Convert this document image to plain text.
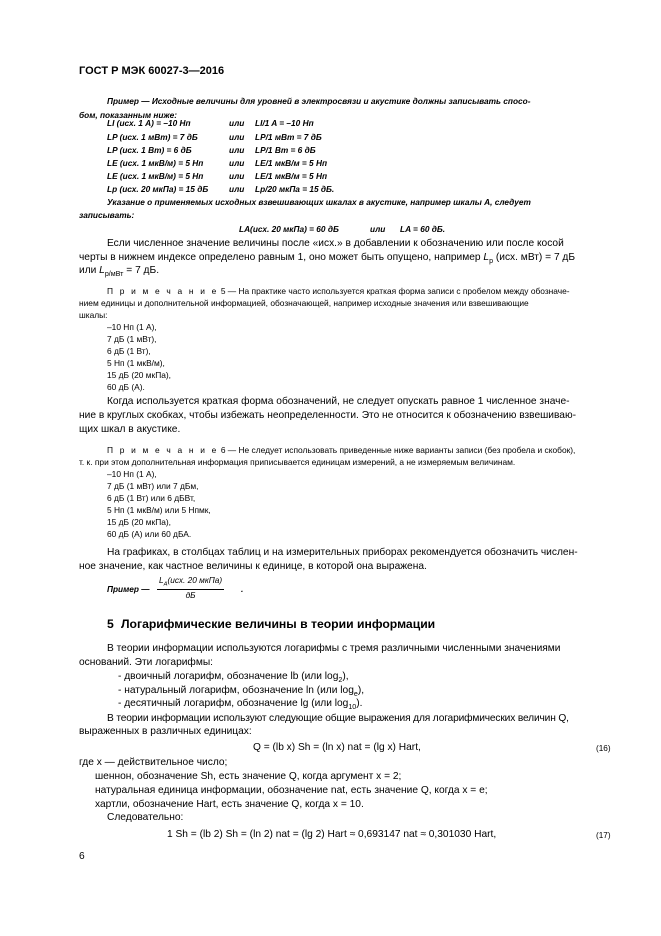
ГОСТ Р МЭК 60027-3—2016
Пример — Исходные величины для уровней в электросвязи и акустике должны записывать спосо-
бом, показанным ниже:
LI (исх. 1 А) = –10 Нп	или LI/1 A = –10 Нп
LP (исх. 1 мВт) = 7 дБ	или LP/1 мВт = 7 дБ
LP (исх. 1 Вт) = 6 дБ	или LP/1 Вт = 6 дБ
LE (исх. 1 мкВ/м) = 5 Нп	или LE/1 мкВ/м = 5 Нп
LE (исх. 1 мкВ/м) = 5 Нп	или LE/1 мкВ/м = 5 Нп
Lp (исх. 20 мкПа) = 15 дБ	или Lp/20 мкПа = 15 дБ.
Указание о применяемых исходных взвешивающих шкалах в акустике, например шкалы А, следует
записывать:
LA(исх. 20 мкПа) = 60 дБ	или LA = 60 дБ.
Если численное значение величины после «исх.» в добавлении к обозначению или после косой
черты в нижнем индексе определено равным 1, оно может быть опущено, например $L_p$ (исх. мВт) = 7 дБ
или $L_{р/мВт} = 7$ дБ.
П р и м е ч а н и е 5 — На практике часто используется краткая форма записи с пробелом между обозначе-
нием единицы и дополнительной информацией, обозначающей, например исходные значения или взвешивающие
шкалы:
–10 Нп (1 А),
7 дБ (1 мВт),
6 дБ (1 Вт),
5 Нп (1 мкВ/м),
15 дБ (20 мкПа),
60 дБ (А).
Когда используется краткая форма обозначений, не следует опускать равное 1 численное значе-
ние в круглых скобках, чтобы избежать неопределенности. Это не относится к обозначению взвешиваю-
щих шкал в акустике.
П р и м е ч а н и е 6 — Не следует использовать приведенные ниже варианты записи (без пробела и скобок),
т. к. при этом дополнительная информация приписывается единицам измерений, а не измеряемым величинам.
–10 Нп (1 А),
7 дБ (1 мВт) или 7 дБм,
6 дБ (1 Вт) или 6 дБВт,
5 Нп (1 мкВ/м) или 5 Нпмк,
15 дБ (20 мкПа),
60 дБ (А) или 60 дБА.
На графиках, в столбцах таблиц и на измерительных приборах рекомендуется обозначить числен-
ное значение, как частное величины к единице, в которой она выражена.
Пример — $\frac{L_A(исх. 20 мкПа)}{дБ}$ .
5 Логарифмические величины в теории информации
В теории информации используются логарифмы с тремя различными численными значениями
оснований. Эти логарифмы:
- двоичный логарифм, обозначение lb (или $\log_2$),
- натуральный логарифм, обозначение ln (или $\log_e$),
- десятичный логарифм, обозначение lg (или $\log_{10}$).
В теории информации используют следующие общие выражения для логарифмических величин Q,
выраженных в различных единицах:
Q = (lb x) Sh = (ln x) nat = (lg x) Hart,	(16)
где x — действительное число;
шеннон, обозначение Sh, есть значение Q, когда аргумент x = 2;
натуральная единица информации, обозначение nat, есть значение Q, когда x = e;
хартли, обозначение Hart, есть значение Q, когда x = 10.
Следовательно:
1 Sh = (lb 2) Sh = (ln 2) nat = (lg 2) Hart ≈ 0,693147 nat ≈ 0,301030 Hart,	(17)
6
